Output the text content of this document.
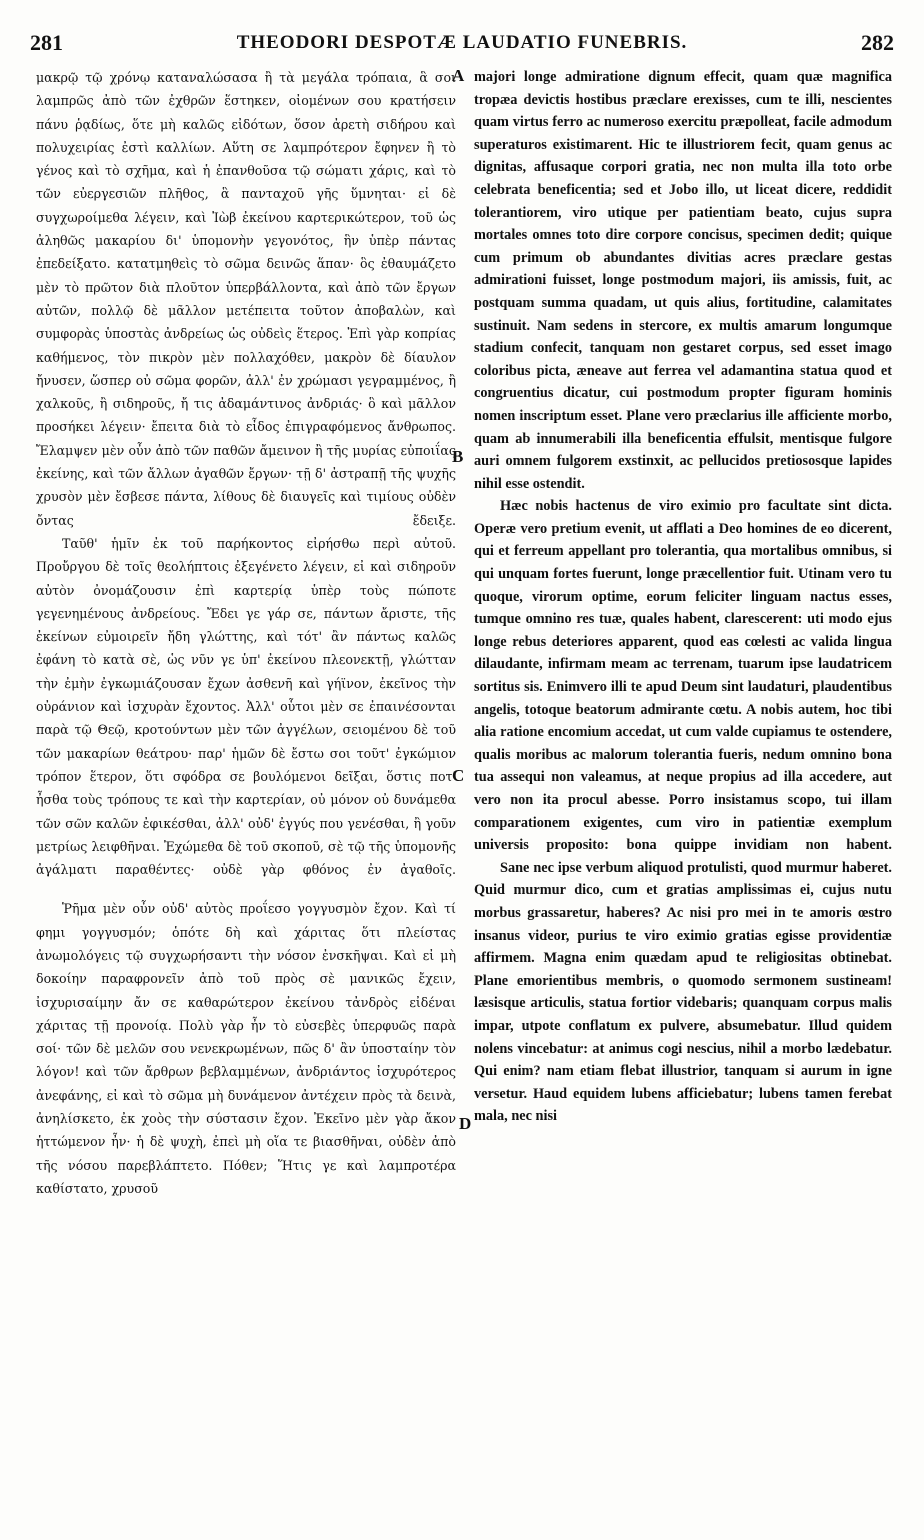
281	THEODORI DESPOTÆ LAUDATIO FUNEBRIS.	282

μακρῷ τῷ χρόνῳ καταναλώσασα ἢ τὰ μεγάλα τρόπαια, ἃ σοι λαμπρῶς ἀπὸ τῶν ἐχθρῶν ἕστηκεν, οἰομένων σου κρατήσειν πάνυ ῥᾳδίως, ὅτε μὴ καλῶς εἰδότων, ὅσον ἀρετὴ σιδήρου καὶ πολυχειρίας ἐστὶ καλλίων. Αὕτη σε λαμπρότερον ἔφηνεν ἢ τὸ γένος καὶ τὸ σχῆμα, καὶ ἡ ἐπανθοῦσα τῷ σώματι χάρις, καὶ τὸ τῶν εὐεργεσιῶν πλῆθος, ἃ πανταχοῦ γῆς ὕμνηται· εἰ δὲ συγχωροίμεθα λέγειν, καὶ Ἰὼβ ἐκείνου καρτερικώτερον, τοῦ ὡς ἀληθῶς μακαρίου δι' ὑπομονὴν γεγονότος, ἣν ὑπὲρ πάντας ἐπεδείξατο. κατατμηθεὶς τὸ σῶμα δεινῶς ἅπαν· ὃς ἐθαυμάζετο μὲν τὸ πρῶτον διὰ πλοῦτον ὑπερβάλλοντα, καὶ ἀπὸ τῶν ἔργων αὐτῶν, πολλῷ δὲ μᾶλλον μετέπειτα τοῦτον ἀποβαλὼν, καὶ συμφορὰς ὑποστὰς ἀνδρείως ὡς οὐδεὶς ἕτερος. Ἐπὶ γὰρ κοπρίας καθήμενος, τὸν πικρὸν μὲν πολλαχόθεν, μακρὸν δὲ δίαυλον ἤνυσεν, ὥσπερ οὐ σῶμα φορῶν, ἀλλ' ἐν χρώμασι γεγραμμένος, ἢ χαλκοῦς, ἢ σιδηροῦς, ἤ τις ἀδαμάντινος ἀνδριάς· ὃ καὶ μᾶλλον προσήκει λέγειν· ἔπειτα διὰ τὸ εἶδος ἐπιγραφόμενος ἄνθρωπος. Ἔλαμψεν μὲν οὖν ἀπὸ τῶν παθῶν ἄμεινον ἢ τῆς μυρίας εὐποιΐας ἐκείνης, καὶ τῶν ἄλλων ἀγαθῶν ἔργων· τῇ δ' ἀστραπῇ τῆς ψυχῆς χρυσὸν μὲν ἔσβεσε πάντα, λίθους δὲ διαυγεῖς καὶ τιμίους οὐδὲν ὄντας ἔδειξε.

Ταῦθ' ἡμῖν ἐκ τοῦ παρήκοντος εἰρήσθω περὶ αὐτοῦ. Προὔργου δὲ τοῖς θεολήπτοις ἐξεγένετο λέγειν, εἰ καὶ σιδηροῦν αὐτὸν ὀνομάζουσιν ἐπὶ καρτερίᾳ ὑπὲρ τοὺς πώποτε γεγενημένους ἀνδρείους. Ἔδει γε γάρ σε, πάντων ἄριστε, τῆς ἐκείνων εὐμοιρεῖν ἤδη γλώττης, καὶ τότ' ἂν πάντως καλῶς ἐφάνη τὸ κατὰ σὲ, ὡς νῦν γε ὑπ' ἐκείνου πλεονεκτῇ, γλώτταν τὴν ἐμὴν ἐγκωμιάζουσαν ἔχων ἀσθενῆ καὶ γήϊνον, ἐκεῖνος τὴν οὐράνιον καὶ ἰσχυρὰν ἔχοντος. Ἀλλ' οὗτοι μὲν σε ἐπαινέσονται παρὰ τῷ Θεῷ, κροτούντων μὲν τῶν ἀγγέλων, σειομένου δὲ τοῦ τῶν μακαρίων θεάτρου· παρ' ἡμῶν δὲ ἔστω σοι τοῦτ' ἐγκώμιον τρόπον ἕτερον, ὅτι σφόδρα σε βουλόμενοι δεῖξαι, ὅστις ποτ' ἦσθα τοὺς τρόπους τε καὶ τὴν καρτερίαν, οὐ μόνον οὐ δυνάμεθα τῶν σῶν καλῶν ἐφικέσθαι, ἀλλ' οὐδ' ἐγγύς που γενέσθαι, ἢ γοῦν μετρίως λειφθῆναι. Ἐχώμεθα δὲ τοῦ σκοποῦ, σὲ τῷ τῆς ὑπομονῆς ἀγάλματι παραθέντες· οὐδὲ γὰρ φθόνος ἐν ἀγαθοῖς.

Ῥῆμα μὲν οὖν οὐδ' αὐτὸς προΐεσο γογγυσμὸν ἔχον. Καὶ τί φημι γογγυσμόν; ὁπότε δὴ καὶ χάριτας ὅτι πλείστας ἀνωμολόγεις τῷ συγχωρήσαντι τὴν νόσον ἐνσκῆψαι. Καὶ εἰ μὴ δοκοίην παραφρονεῖν ἀπὸ τοῦ πρὸς σὲ μανικῶς ἔχειν, ἰσχυρισαίμην ἄν σε καθαρώτερον ἐκείνου τἀνδρὸς εἰδέναι χάριτας τῇ προνοίᾳ. Πολὺ γὰρ ἦν τὸ εὐσεβὲς ὑπερφυῶς παρὰ σοί· τῶν δὲ μελῶν σου νενεκρωμένων, πῶς δ' ἂν ὑποσταίην τὸν λόγον! καὶ τῶν ἄρθρων βεβλαμμένων, ἀνδριάντος ἰσχυρότερος ἀνεφάνης, εἰ καὶ τὸ σῶμα μὴ δυνάμενον ἀντέχειν πρὸς τὰ δεινὰ, ἀνηλίσκετο, ἐκ χοὸς τὴν σύστασιν ἔχον. Ἐκεῖνο μὲν γὰρ ἄκον ἡττώμενον ἦν· ἡ δὲ ψυχὴ, ἐπεὶ μὴ οἵα τε βιασθῆναι, οὐδὲν ἀπὸ τῆς νόσου παρεβλάπτετο. Πόθεν; Ἥτις γε καὶ λαμπροτέρα καθίστατο, χρυσοῦ

A
B
C
D

majori longe admiratione dignum effecit, quam quæ magnifica tropæa devictis hostibus præclare erexisses, cum te illi, nescientes quam virtus ferro ac numeroso exercitu præpolleat, facile admodum superaturos existimarent. Hic te illustriorem fecit, quam genus ac dignitas, affusaque corpori gratia, nec non multa illa toto orbe celebrata beneficentia; sed et Jobo illo, ut liceat dicere, reddidit tolerantiorem, viro utique per patientiam beato, cujus supra mortales omnes toto dire corpore concisus, specimen dedit; quique cum primum ob abundantes divitias acres præclare gestas admirationi fuisset, longe postmodum majori, iis amissis, fuit, ac postquam summa quadam, ut quis alius, fortitudine, calamitates sustinuit. Nam sedens in stercore, ex multis amarum longumque stadium confecit, tanquam non gestaret corpus, sed esset imago coloribus picta, æneave aut ferrea vel adamantina statua quod et congruentius dicatur, cui postmodum propter figuram hominis nomen inscriptum esset. Plane vero præclarius ille afficiente morbo, quam ab innumerabili illa beneficentia effulsit, mentisque fulgore auri omnem fulgorem exstinxit, ac pellucidos pretiososque lapides nihil esse ostendit.

Hæc nobis hactenus de viro eximio pro facultate sint dicta. Operæ vero pretium evenit, ut afflati a Deo homines de eo dicerent, qui et ferreum appellant pro tolerantia, qua mortalibus omnibus, si qui unquam fortes fuerunt, longe præcellentior fuit. Utinam vero tu quoque, virorum optime, eorum feliciter linguam nactus esses, tumque omnino res tuæ, quales habent, clarescerent: uti modo ejus longe rebus deteriores apparent, quod eas cœlesti ac valida lingua dilaudante, infirmam meam ac terrenam, tuarum ipse laudatricem sortitus sis. Enimvero illi te apud Deum sint laudaturi, plaudentibus angelis, totoque beatorum admirante cœtu. A nobis autem, hoc tibi alia ratione encomium accedat, ut cum valde cupiamus te ostendere, qualis moribus ac malorum tolerantia fueris, nedum omnino bona tua assequi non valeamus, at neque propius ad illa accedere, aut vero non ita procul abesse. Porro insistamus scopo, tui illam comparationem exigentes, cum viro in patientiæ exemplum universis proposito: bona quippe invidiam non habent.

Sane nec ipse verbum aliquod protulisti, quod murmur haberet. Quid murmur dico, cum et gratias amplissimas ei, cujus nutu morbus grassaretur, haberes? Ac nisi pro mei in te amoris œstro insanus videor, purius te viro eximio gratias egisse providentiæ affirmem. Magna enim quædam apud te religiositas obtinebat. Plane emorientibus membris, o quomodo sermonem sustineam! læsisque articulis, statua fortior videbaris; quanquam corpus malis impar, utpote conflatum ex pulvere, absumebatur. Illud quidem nolens vincebatur: at animus cogi nescius, nihil a morbo lædebatur. Qui enim? nam etiam flebat illustrior, tanquam si aurum in igne versetur. Haud equidem lubens afficiebatur; lubens tamen ferebat mala, nec nisi
